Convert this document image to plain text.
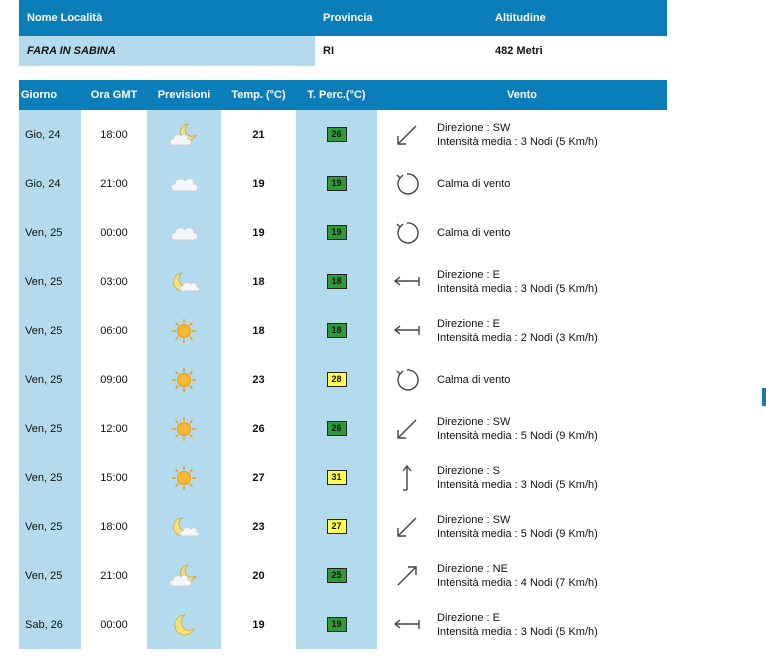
Nome Località	Provincia	Altitudine
FARA IN SABINA	RI	482 Metri
Giorno	Ora GMT	Previsioni	Temp. (°C)	T. Perc.(°C)	Vento
Gio, 24	18:00		21	26	Direzione : SW
Intensità media : 3 Nodi (5 Km/h)

Gio, 24	21:00		19	19	Calma di vento

Ven, 25	00:00		19	19	Calma di vento

Ven, 25	03:00		18	18	Direzione : E
Intensità media : 3 Nodi (5 Km/h)

Ven, 25	06:00		18	18	Direzione : E
Intensità media : 2 Nodi (3 Km/h)

Ven, 25	09:00		23	28	Calma di vento

Ven, 25	12:00		26	26	Direzione : SW
Intensità media : 5 Nodi (9 Km/h)

Ven, 25	15:00		27	31	Direzione : S
Intensità media : 3 Nodi (5 Km/h)

Ven, 25	18:00		23	27	Direzione : SW
Intensità media : 5 Nodi (9 Km/h)

Ven, 25	21:00		20	25	Direzione : NE
Intensità media : 4 Nodi (7 Km/h)

Sab, 26	00:00		19	19	Direzione : E
Intensità media : 3 Nodi (5 Km/h)
